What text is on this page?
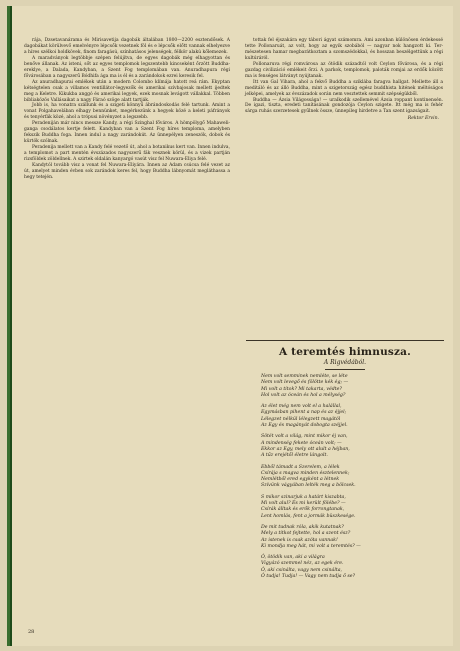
rája, Dzsetavanárama és Mirisavetija dagobák általában 1800—2200 esztendősek. A dagobákat körülvevő emelvényre lépcsők vezetnek föl és e lépcsők előtt vannak elhelyezve a híres szélkoi holdkövek, finom faragású, színhatásos jelenségek, félkör alakú kőlemezek.

A maradványok legtöbbje szépen felújítva, de egyes dagobák még elhagyottan és benőve állanak. Az isteni, sőt az egyes templomok legszentebb kincseként őrzött Buddhaereklye, a Dalada, Kandyban, a Szent Fog templomában van. Anuradhapura régi fővárosában a nagyszerű Bódhifa ága ma is él és a zarándokok ezrei keresik fel.

Az anuradhapurai emlékek után a modern Colombo klímája hatott reá rám. Ekyptan kétségtelen csak a villamos ventillátor-legyezők és amerikai szívbajosak mellett ijedtek meg a Keletre. Kikukba anggó és amerikai legyek, ezek mosnak levágott vállakkal. Többen bibliaközös Vallásaikat a nagy Fáraó szöge alatt tartják.

Jobb is, ha vonatra szállunk és a szigeti könnyű ábrándoskodás felé tartunk. Amint a vonat Polgahavelában elhagy bennünket, megérkezünk a hegyek közé a keleti páfrányok és tenyérfák közé, ahol a trópusi növényzet a legszebb.

Peradeniján már nincs messze Kandy, a régi Szinghal főváros. A hömpölygő Mahaweli-ganga csodálatos kertje felett. Kandyban van a Szent Fog híres temploma, amelyben fekszik Buddha foga. Innen indul a nagy zarándokút. Az ünnepélyen zeneszók, dobok és kürtök szólnak.

Peradenija mellett van a Kandy felé vezető út, ahol a botanikus kert van. Innen indulva, a templomot a part mentén évszázados nagyszerű fák vesznek körül, és a vizek partján rizsföldek zöldellnek. A szirtek oldalán kanyargó vasút visz fel Nuwara-Eliya felé.

Kandytól tovább visz a vonat fel Nuwara-Eliyára. Innen az Adam csúcsa felé vezet az út, amelyet minden évben sok zarándok keres fel, hogy Buddha lábnyomát megláthassa a hegy tetején.

tottak fel éjszakára egy tábori ágyat számomra. Ami azonban különösen érdekessé tette Pollonaruát, az volt, hogy az egyik szobából — nagyar nok hangzott ki. Természetesen hamar megbarátkoztam a szomszédokkal, és hosszan beszélgettünk a régi kultúráról.

Pollonaruva régi romvárosa az ötödik századtól volt Ceylon fővárosa, és a régi gazdag civilizáció emlékeit őrzi. A parkok, templomok, paloták romjai az erdők között ma is fenséges látványt nyújtanak.

Itt van Gal Vihara, ahol a fekvő Buddha a sziklába faragva hallgat. Mellette áll a meditáló és az álló Buddha, mint a szigetország egész buddhista hitének méltóságos jelképei, amelyek az évszázadok során nem vesztettek semmit szépségükből.

Buddha — Ázsia Világossága! — uralkodik szellemével Ázsia roppant kontinensén. De igazi, tiszta, eredeti tanításának gondozója Ceylon szigete. Itt még ma is fehér sárga ruhás szerzetesek gyűlnek össze, ünnepileg hirdetve a Tan szent igazságait.

Rektor Ervin.
A teremtés himnusza.
A Rigvédából.
Nem volt semminek nemléte, se léte
Nem volt levegő és fölötte kék ég; —
Mi volt a titok? Mi takarta, védte?
Hol volt az óceán és hol a mélység?
Az élet még nem volt el a halállal,
Egymásban pihent a nap és az éjjel;
Lélegzet nélkül lélegzett magától
Az Egy és magányát dobogta széjjel.
Sötét volt a világ, mint mikor éj van,
A mindenség fekete óceán volt; —
Ekkor az Egy, mely ott alult a héjban,
A tűz erejétől életre lángolt.
Ebből támadt a Szerelem, a lélek
Csírája s magva minden észtelennek;
Nemlétből ered egyként a létnek
Szívünk vágyában lelték meg a bölcsek.
S mikor szinarjuk a határt kiszabta,
Mi volt alul? És mi került fölébe? —
Csírák álltak és erők forrongtanak,
Lent homlás, fent a jormák büszkesége.
De mit tudnak róla, akik kutatnak?
Mely a titkot fejtette, hol a szent ész?
Az istenek is csak azóta vannak!
Ki mondja meg hát, mi volt a teremtés? —
Ó, ötödik van, aki a világra
Vigyázó szemmel néz, az egek ére.
Ó, aki csinálta, vagy nem csinálta,
Ó tudja! Tudja! — Vagy nem tudja ő se?
28
